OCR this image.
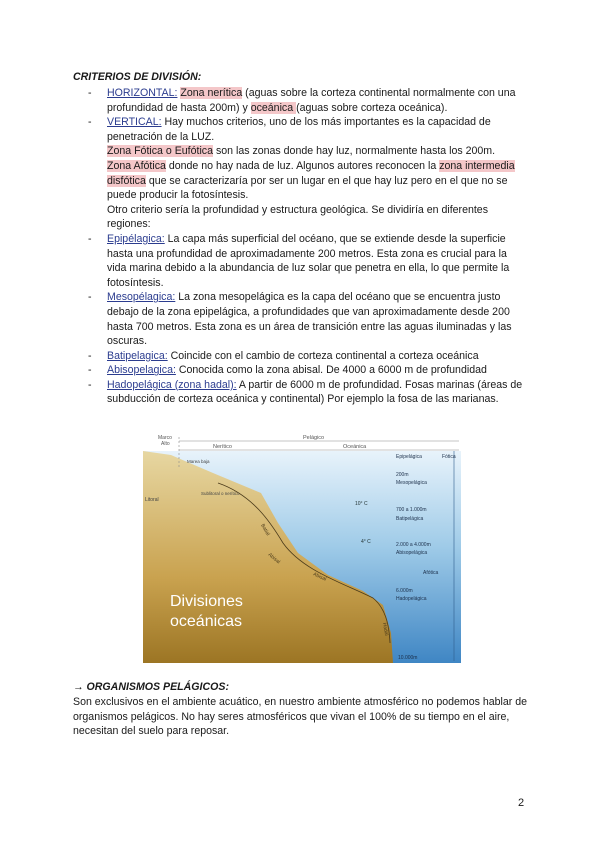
CRITERIOS DE DIVISIÓN:
- HORIZONTAL: Zona nerítica (aguas sobre la corteza continental normalmente con una profundidad de hasta 200m) y oceánica (aguas sobre corteza oceánica).
- VERTICAL: Hay muchos criterios, uno de los más importantes es la capacidad de penetración de la LUZ.
Zona Fótica o Eufótica son las zonas donde hay luz, normalmente hasta los 200m.
Zona Afótica donde no hay nada de luz. Algunos autores reconocen la zona intermedia disfótica que se caracterizaría por ser un lugar en el que hay luz pero en el que no se puede producir la fotosíntesis.
Otro criterio sería la profundidad y estructura geológica. Se dividiría en diferentes regiones:
- Epipélagica: La capa más superficial del océano, que se extiende desde la superficie hasta una profundidad de aproximadamente 200 metros. Esta zona es crucial para la vida marina debido a la abundancia de luz solar que penetra en ella, lo que permite la fotosíntesis.
- Mesopélagica: La zona mesopelágica es la capa del océano que se encuentra justo debajo de la zona epipelágica, a profundidades que van aproximadamente desde 200 hasta 700 metros. Esta zona es un área de transición entre las aguas iluminadas y las oscuras.
- Batipelagica: Coincide con el cambio de corteza continental a corteza oceánica
- Abisopelagica: Conocida como la zona abisal. De 4000 a 6000 m de profundidad
- Hadopelágica (zona hadal): A partir de 6000 m de profundidad. Fosas marinas (áreas de subducción de corteza oceánica y continental) Por ejemplo la fosa de las marianas.
Marco
Alto
Pelágico
Nerítico	Oceánica
Marea baja
Litoral
Sublitoral o nerítico
Batial
Abisal
Abisal
Hadal
10° C
4° C
Epipelágica	Fótica
200m
Mesopelágica
700 a 1.000m
Batipelágica
2.000 a 4.000m
Abisopelágica
Afótica
6.000m
Hadopelágica
10.000m
Divisiones
oceánicas
→ ORGANISMOS PELÁGICOS:
Son exclusivos en el ambiente acuático, en nuestro ambiente atmosférico no podemos hablar de organismos pelágicos. No hay seres atmosféricos que vivan el 100% de su tiempo en el aire, necesitan del suelo para reposar.
2
